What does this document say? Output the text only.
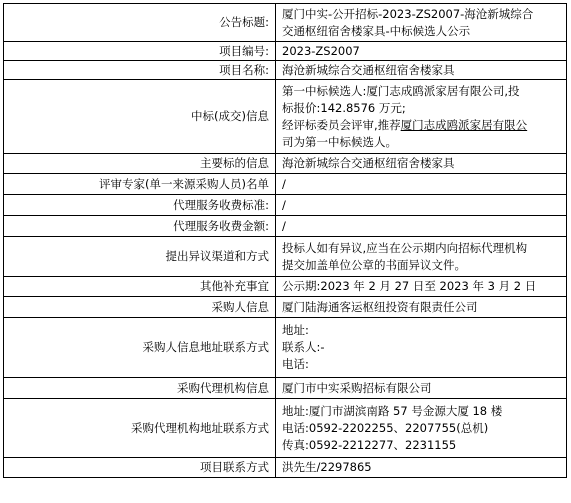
公告标题:	厦门中实-公开招标-2023-ZS2007-海沧新城综合
交通枢纽宿舍楼家具-中标候选人公示

项目编号:	2023-ZS2007
项目名称:	海沧新城综合交通枢纽宿舍楼家具
中标(成交)信息	第一中标候选人:厦门志成鸥派家居有限公司,投
标报价:142.8576 万元;
经评标委员会评审,推荐厦门志成鸥派家居有限公
司为第一中标候选人。

主要标的信息	海沧新城综合交通枢纽宿舍楼家具
评审专家(单一来源采购人员)名单	/
代理服务收费标准:	/
代理服务收费金额:	/
提出异议渠道和方式	投标人如有异议,应当在公示期内向招标代理机构
提交加盖单位公章的书面异议文件。

其他补充事宜	公示期:2023 年 2 月 27 日至 2023 年 3 月 2 日
采购人信息	厦门陆海通客运枢纽投资有限责任公司
采购人信息地址联系方式	地址:
联系人:-
电话:

采购代理机构信息	厦门市中实采购招标有限公司
采购代理机构地址联系方式	地址:厦门市湖滨南路 57 号金源大厦 18 楼
电话:0592-2202255、2207755(总机)
传真:0592-2212277、2231155

项目联系方式	洪先生/2297865
